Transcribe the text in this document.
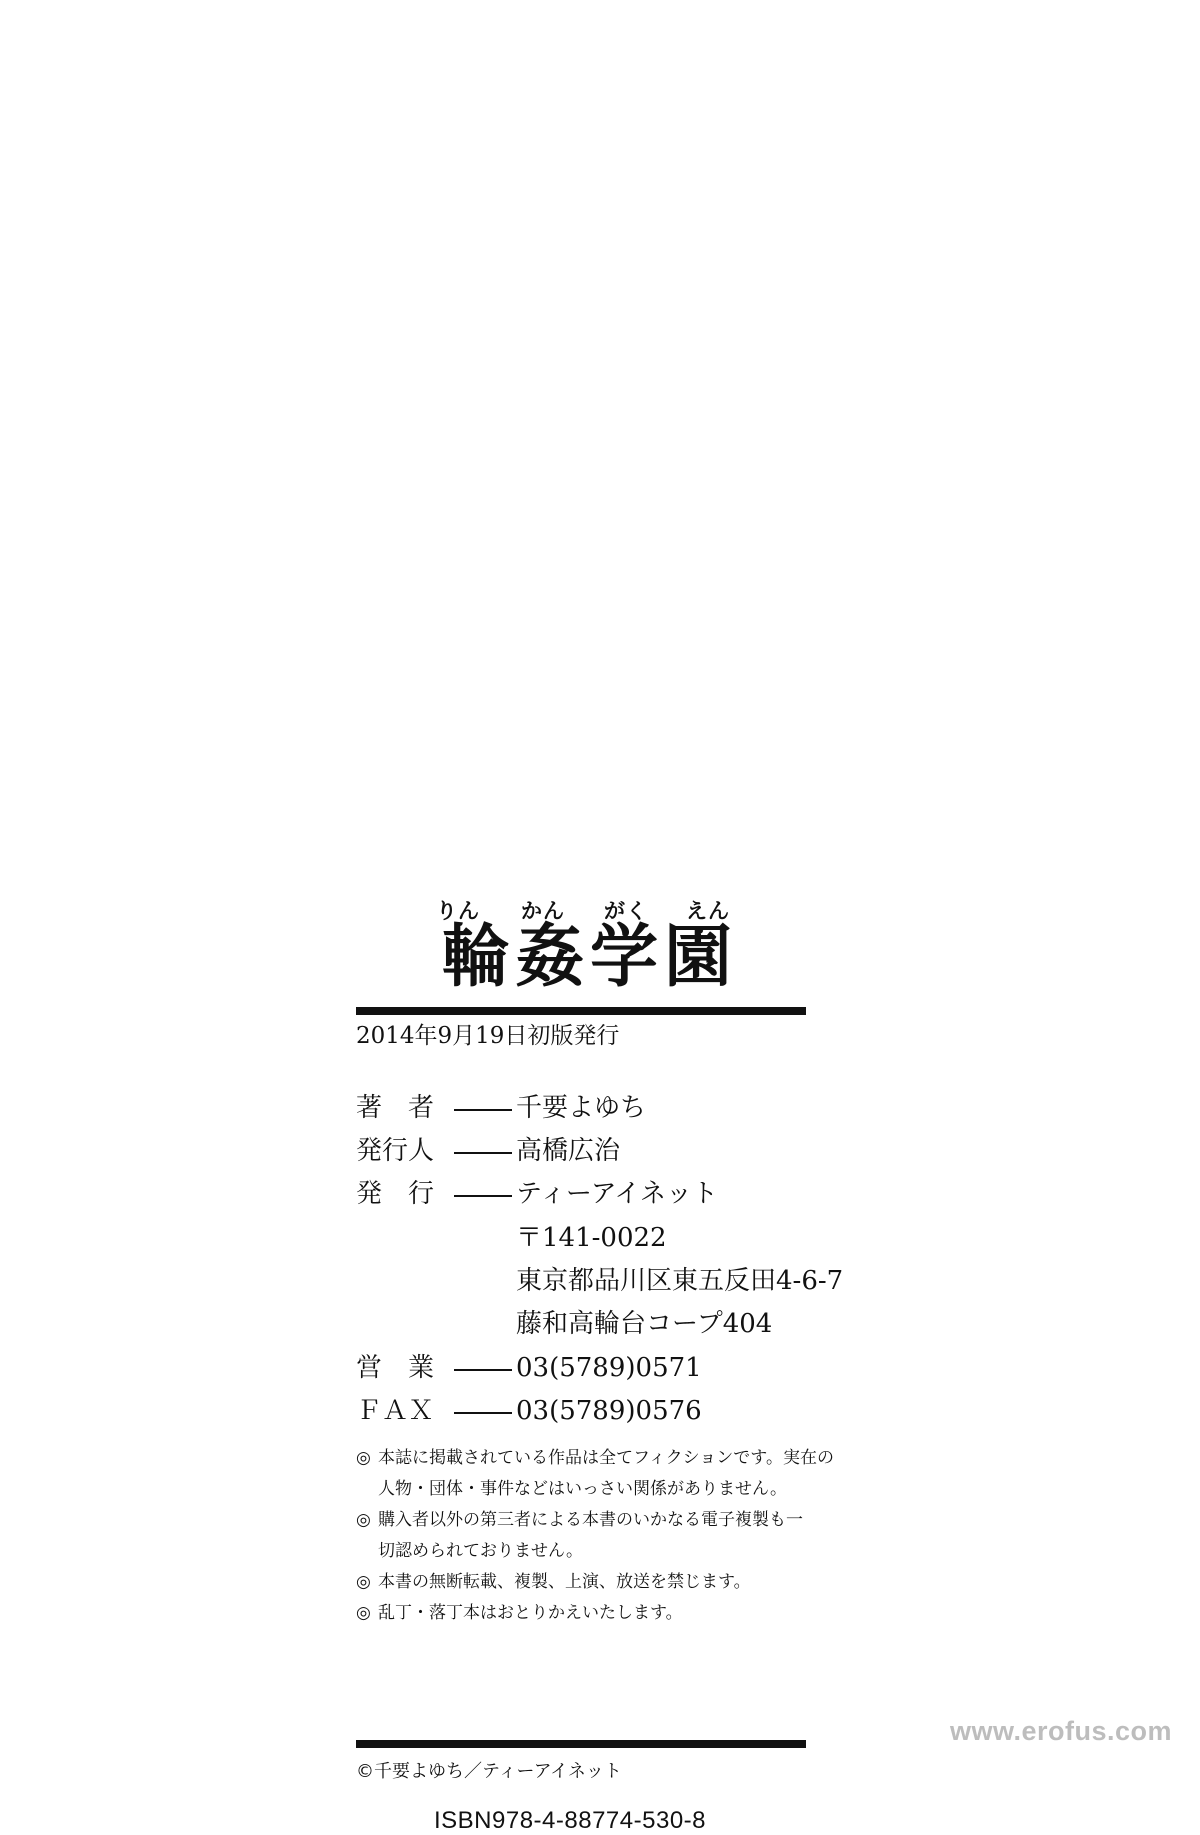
りん かん がく えん
輪姦学園
2014年9月19日初版発行
著　者	千要よゆち
発行人	高橋広治
発　行	ティーアイネット
〒141-0022
東京都品川区東五反田4-6-7
藤和高輪台コープ404
営　業	03(5789)0571
ＦＡＸ	03(5789)0576
◎ 本誌に掲載されている作品は全てフィクションです。実在の
人物・団体・事件などはいっさい関係がありません。
◎ 購入者以外の第三者による本書のいかなる電子複製も一
切認められておりません。
◎ 本書の無断転載、複製、上演、放送を禁じます。
◎ 乱丁・落丁本はおとりかえいたします。
©千要よゆち／ティーアイネット
ISBN978-4-88774-530-8
www.erofus.com
